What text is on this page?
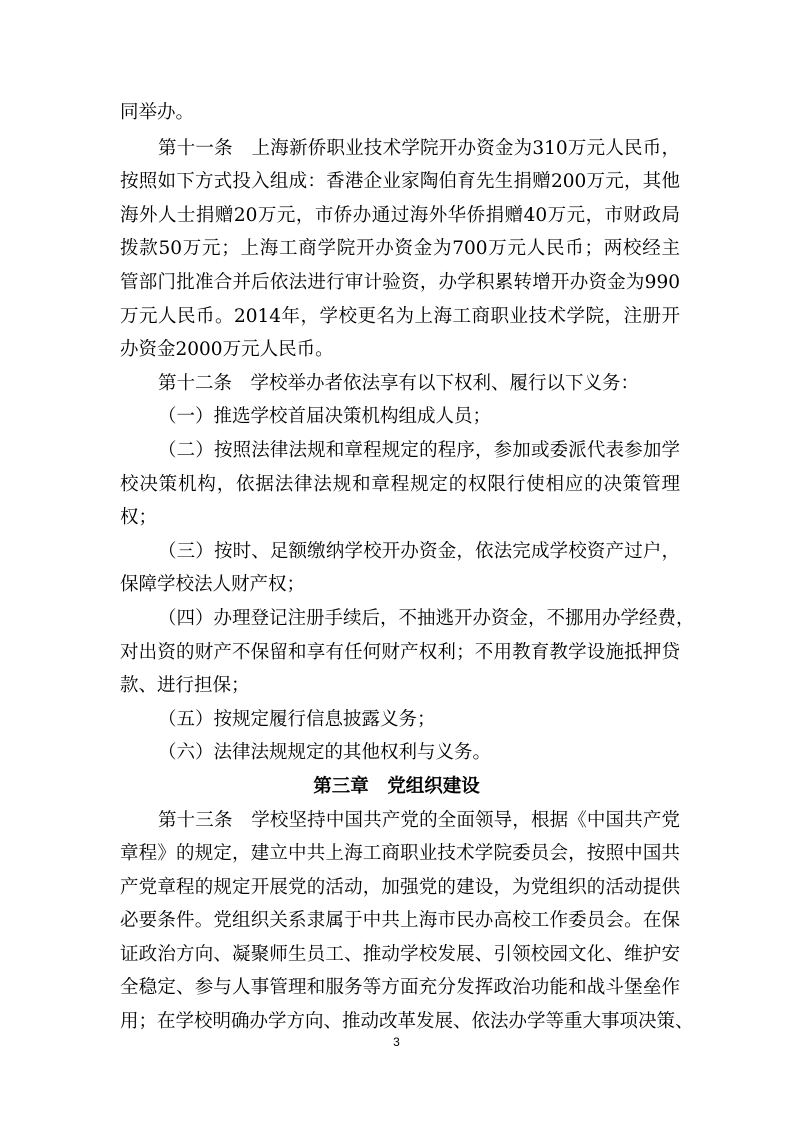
同举办。
第十一条　上海新侨职业技术学院开办资金为310万元人民币，
按照如下方式投入组成：香港企业家陶伯育先生捐赠200万元，其他
海外人士捐赠20万元，市侨办通过海外华侨捐赠40万元，市财政局
拨款50万元；上海工商学院开办资金为700万元人民币；两校经主
管部门批准合并后依法进行审计验资，办学积累转增开办资金为990
万元人民币。2014年，学校更名为上海工商职业技术学院，注册开
办资金2000万元人民币。
第十二条　学校举办者依法享有以下权利、履行以下义务：
（一）推选学校首届决策机构组成人员；
（二）按照法律法规和章程规定的程序，参加或委派代表参加学
校决策机构，依据法律法规和章程规定的权限行使相应的决策管理
权；
（三）按时、足额缴纳学校开办资金，依法完成学校资产过户，
保障学校法人财产权；
（四）办理登记注册手续后，不抽逃开办资金，不挪用办学经费，
对出资的财产不保留和享有任何财产权利；不用教育教学设施抵押贷
款、进行担保；
（五）按规定履行信息披露义务；
（六）法律法规规定的其他权利与义务。
第三章　党组织建设
第十三条　学校坚持中国共产党的全面领导，根据《中国共产党
章程》的规定，建立中共上海工商职业技术学院委员会，按照中国共
产党章程的规定开展党的活动，加强党的建设，为党组织的活动提供
必要条件。党组织关系隶属于中共上海市民办高校工作委员会。在保
证政治方向、凝聚师生员工、推动学校发展、引领校园文化、维护安
全稳定、参与人事管理和服务等方面充分发挥政治功能和战斗堡垒作
用；在学校明确办学方向、推动改革发展、依法办学等重大事项决策、
3
